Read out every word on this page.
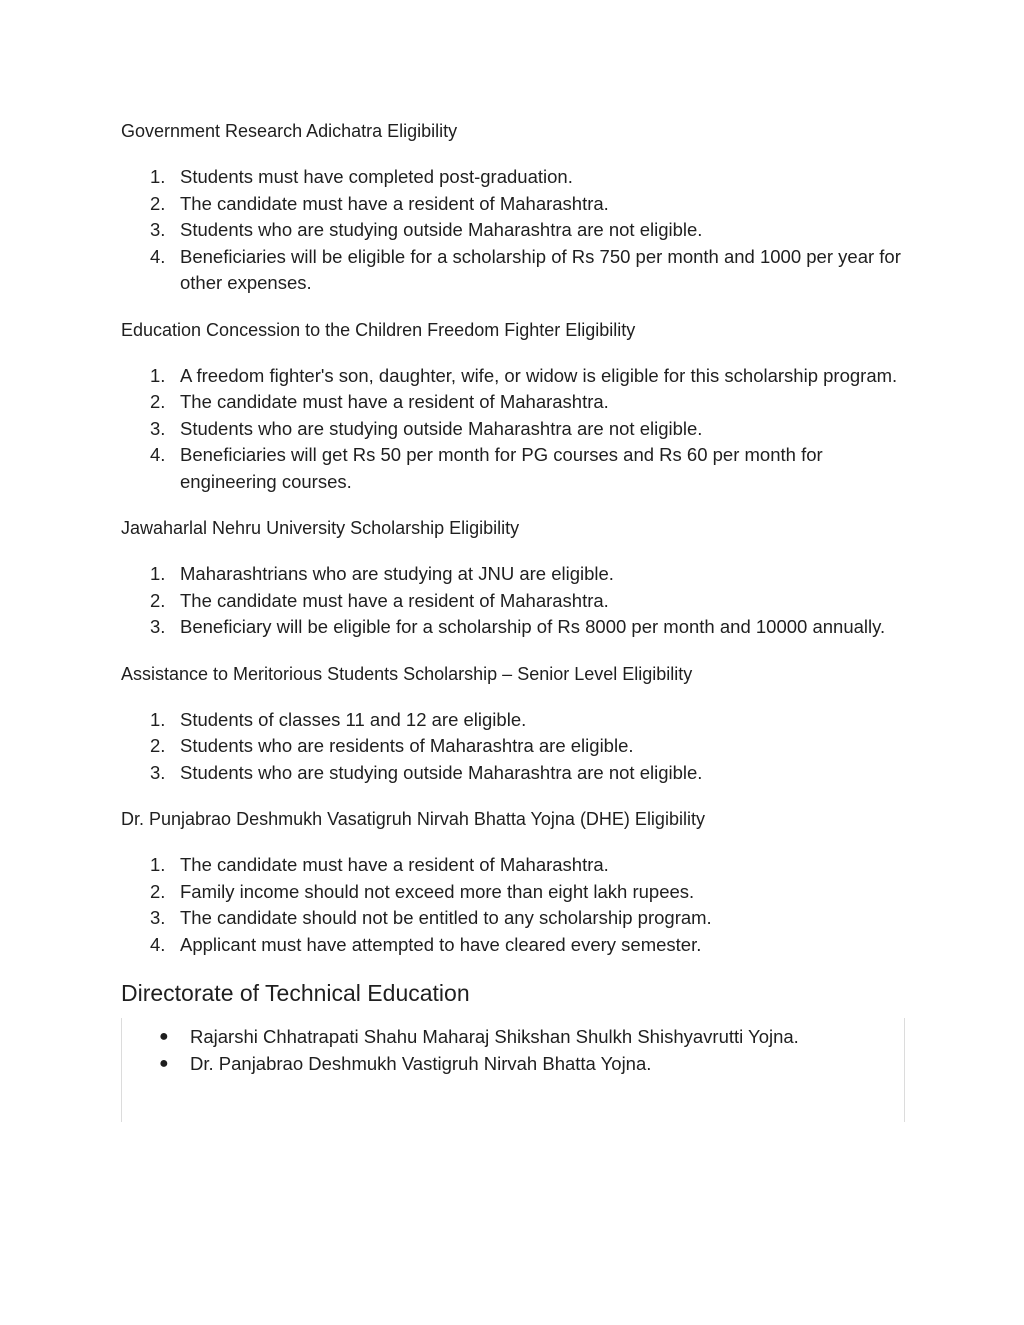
Government Research Adichatra Eligibility

1. Students must have completed post-graduation.
2. The candidate must have a resident of Maharashtra.
3. Students who are studying outside Maharashtra are not eligible.
4. Beneficiaries will be eligible for a scholarship of Rs 750 per month and 1000 per year for other expenses.

Education Concession to the Children Freedom Fighter Eligibility

1. A freedom fighter's son, daughter, wife, or widow is eligible for this scholarship program.
2. The candidate must have a resident of Maharashtra.
3. Students who are studying outside Maharashtra are not eligible.
4. Beneficiaries will get Rs 50 per month for PG courses and Rs 60 per month for engineering courses.

Jawaharlal Nehru University Scholarship Eligibility

1. Maharashtrians who are studying at JNU are eligible.
2. The candidate must have a resident of Maharashtra.
3. Beneficiary will be eligible for a scholarship of Rs 8000 per month and 10000 annually.

Assistance to Meritorious Students Scholarship – Senior Level Eligibility

1. Students of classes 11 and 12 are eligible.
2. Students who are residents of Maharashtra are eligible.
3. Students who are studying outside Maharashtra are not eligible.

Dr. Punjabrao Deshmukh Vasatigruh Nirvah Bhatta Yojna (DHE) Eligibility

1. The candidate must have a resident of Maharashtra.
2. Family income should not exceed more than eight lakh rupees.
3. The candidate should not be entitled to any scholarship program.
4. Applicant must have attempted to have cleared every semester.
Directorate of Technical Education
● Rajarshi Chhatrapati Shahu Maharaj Shikshan Shulkh Shishyavrutti Yojna.
● Dr. Panjabrao Deshmukh Vastigruh Nirvah Bhatta Yojna.
